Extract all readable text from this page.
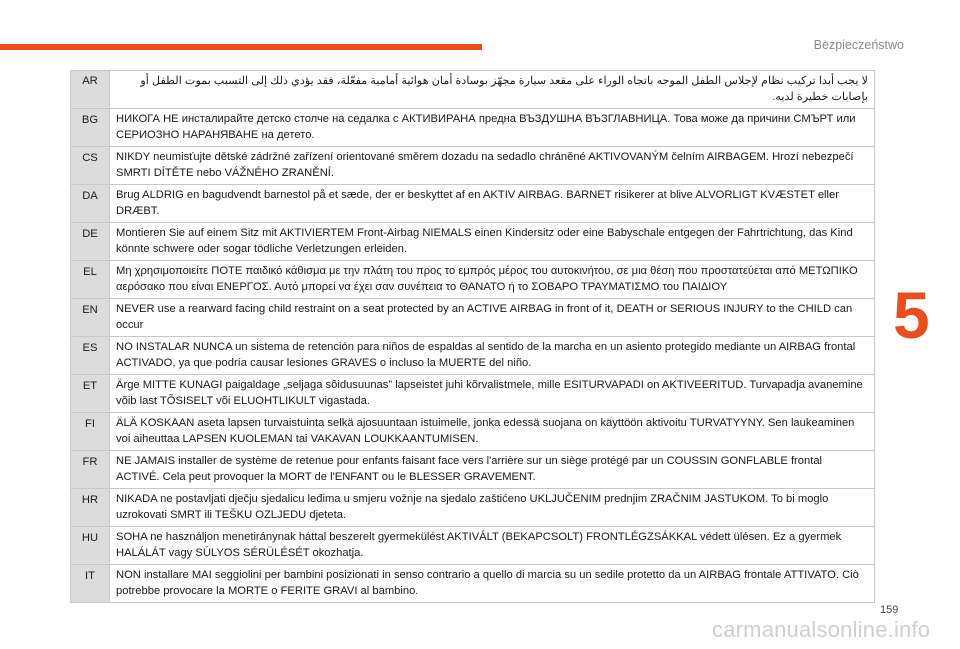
Bezpieczeństwo
5
AR	لا يجب أبدا تركيب نظام لإجلاس الطفل الموجه باتجاه الوراء على مقعد سيارة مجهّز بوسادة أمان هوائية أمامية مفعّلة، فقد يؤدي ذلك إلى التسبب بموت الطفل أو بإصابات خطيرة لديه.
BG	НИКОГА НЕ инсталирайте детско столче на седалка с АКТИВИРАНА предна ВЪЗДУШНА ВЪЗГЛАВНИЦА. Това може да причини СМЪРТ или СЕРИОЗНО НАРАНЯВАНЕ на детето.
CS	NIKDY neumisťujte dětské zádržné zařízení orientované směrem dozadu na sedadlo chráněné AKTIVOVANÝM čelním AIRBAGEM. Hrozí nebezpečí SMRTI DÍTĚTE nebo VÁŽNÉHO ZRANĚNÍ.
DA	Brug ALDRIG en bagudvendt barnestol på et sæde, der er beskyttet af en AKTIV AIRBAG. BARNET risikerer at blive ALVORLIGT KVÆSTET eller DRÆBT.
DE	Montieren Sie auf einem Sitz mit AKTIVIERTEM Front-Airbag NIEMALS einen Kindersitz oder eine Babyschale entgegen der Fahrtrichtung, das Kind könnte schwere oder sogar tödliche Verletzungen erleiden.
EL	Μη χρησιμοποιείτε ΠΟΤΕ παιδικό κάθισμα με την πλάτη του προς το εμπρός μέρος του αυτοκινήτου, σε μια θέση που προστατεύεται από ΜΕΤΩΠΙΚΟ αερόσακο που είναι ΕΝΕΡΓΟΣ. Αυτό μπορεί να έχει σαν συνέπεια το ΘΑΝΑΤΟ ή το ΣΟΒΑΡΟ ΤΡΑΥΜΑΤΙΣΜΟ του ΠΑΙΔΙΟΥ
EN	NEVER use a rearward facing child restraint on a seat protected by an ACTIVE AIRBAG in front of it, DEATH or SERIOUS INJURY to the CHILD can occur
ES	NO INSTALAR NUNCA un sistema de retención para niños de espaldas al sentido de la marcha en un asiento protegido mediante un AIRBAG frontal ACTIVADO, ya que podría causar lesiones GRAVES o incluso la MUERTE del niño.
ET	Ärge MITTE KUNAGI paigaldage „seljaga sõidusuunas” lapseistet juhi kõrvalistmele, mille ESITURVAPADI on AKTIVEERITUD. Turvapadja avanemine võib last TÕSISELT või ELUOHTLIKULT vigastada.
FI	ÄLÄ KOSKAAN aseta lapsen turvaistuinta selkä ajosuuntaan istuimelle, jonka edessä suojana on käyttöön aktivoitu TURVATYYNY. Sen laukeaminen voi aiheuttaa LAPSEN KUOLEMAN tai VAKAVAN LOUKKAANTUMISEN.
FR	NE JAMAIS installer de système de retenue pour enfants faisant face vers l'arrière sur un siège protégé par un COUSSIN GONFLABLE frontal ACTIVÉ. Cela peut provoquer la MORT de l'ENFANT ou le BLESSER GRAVEMENT.
HR	NIKADA ne postavljati dječju sjedalicu leđima u smjeru vožnje na sjedalo zaštićeno UKLJUČENIM prednjim ZRAČNIM JASTUKOM. To bi moglo uzrokovati SMRT ili TEŠKU OZLJEDU djeteta.
HU	SOHA ne használjon menetiránynak háttal beszerelt gyermekülést AKTIVÁLT (BEKAPCSOLT) FRONTLÉGZSÁKKAL védett ülésen. Ez a gyermek HALÁLÁT vagy SÚLYOS SÉRÜLÉSÉT okozhatja.
IT	NON installare MAI seggiolini per bambini posizionati in senso contrario a quello di marcia su un sedile protetto da un AIRBAG frontale ATTIVATO. Ciò potrebbe provocare la MORTE o FERITE GRAVI al bambino.
159
carmanualsonline.info
